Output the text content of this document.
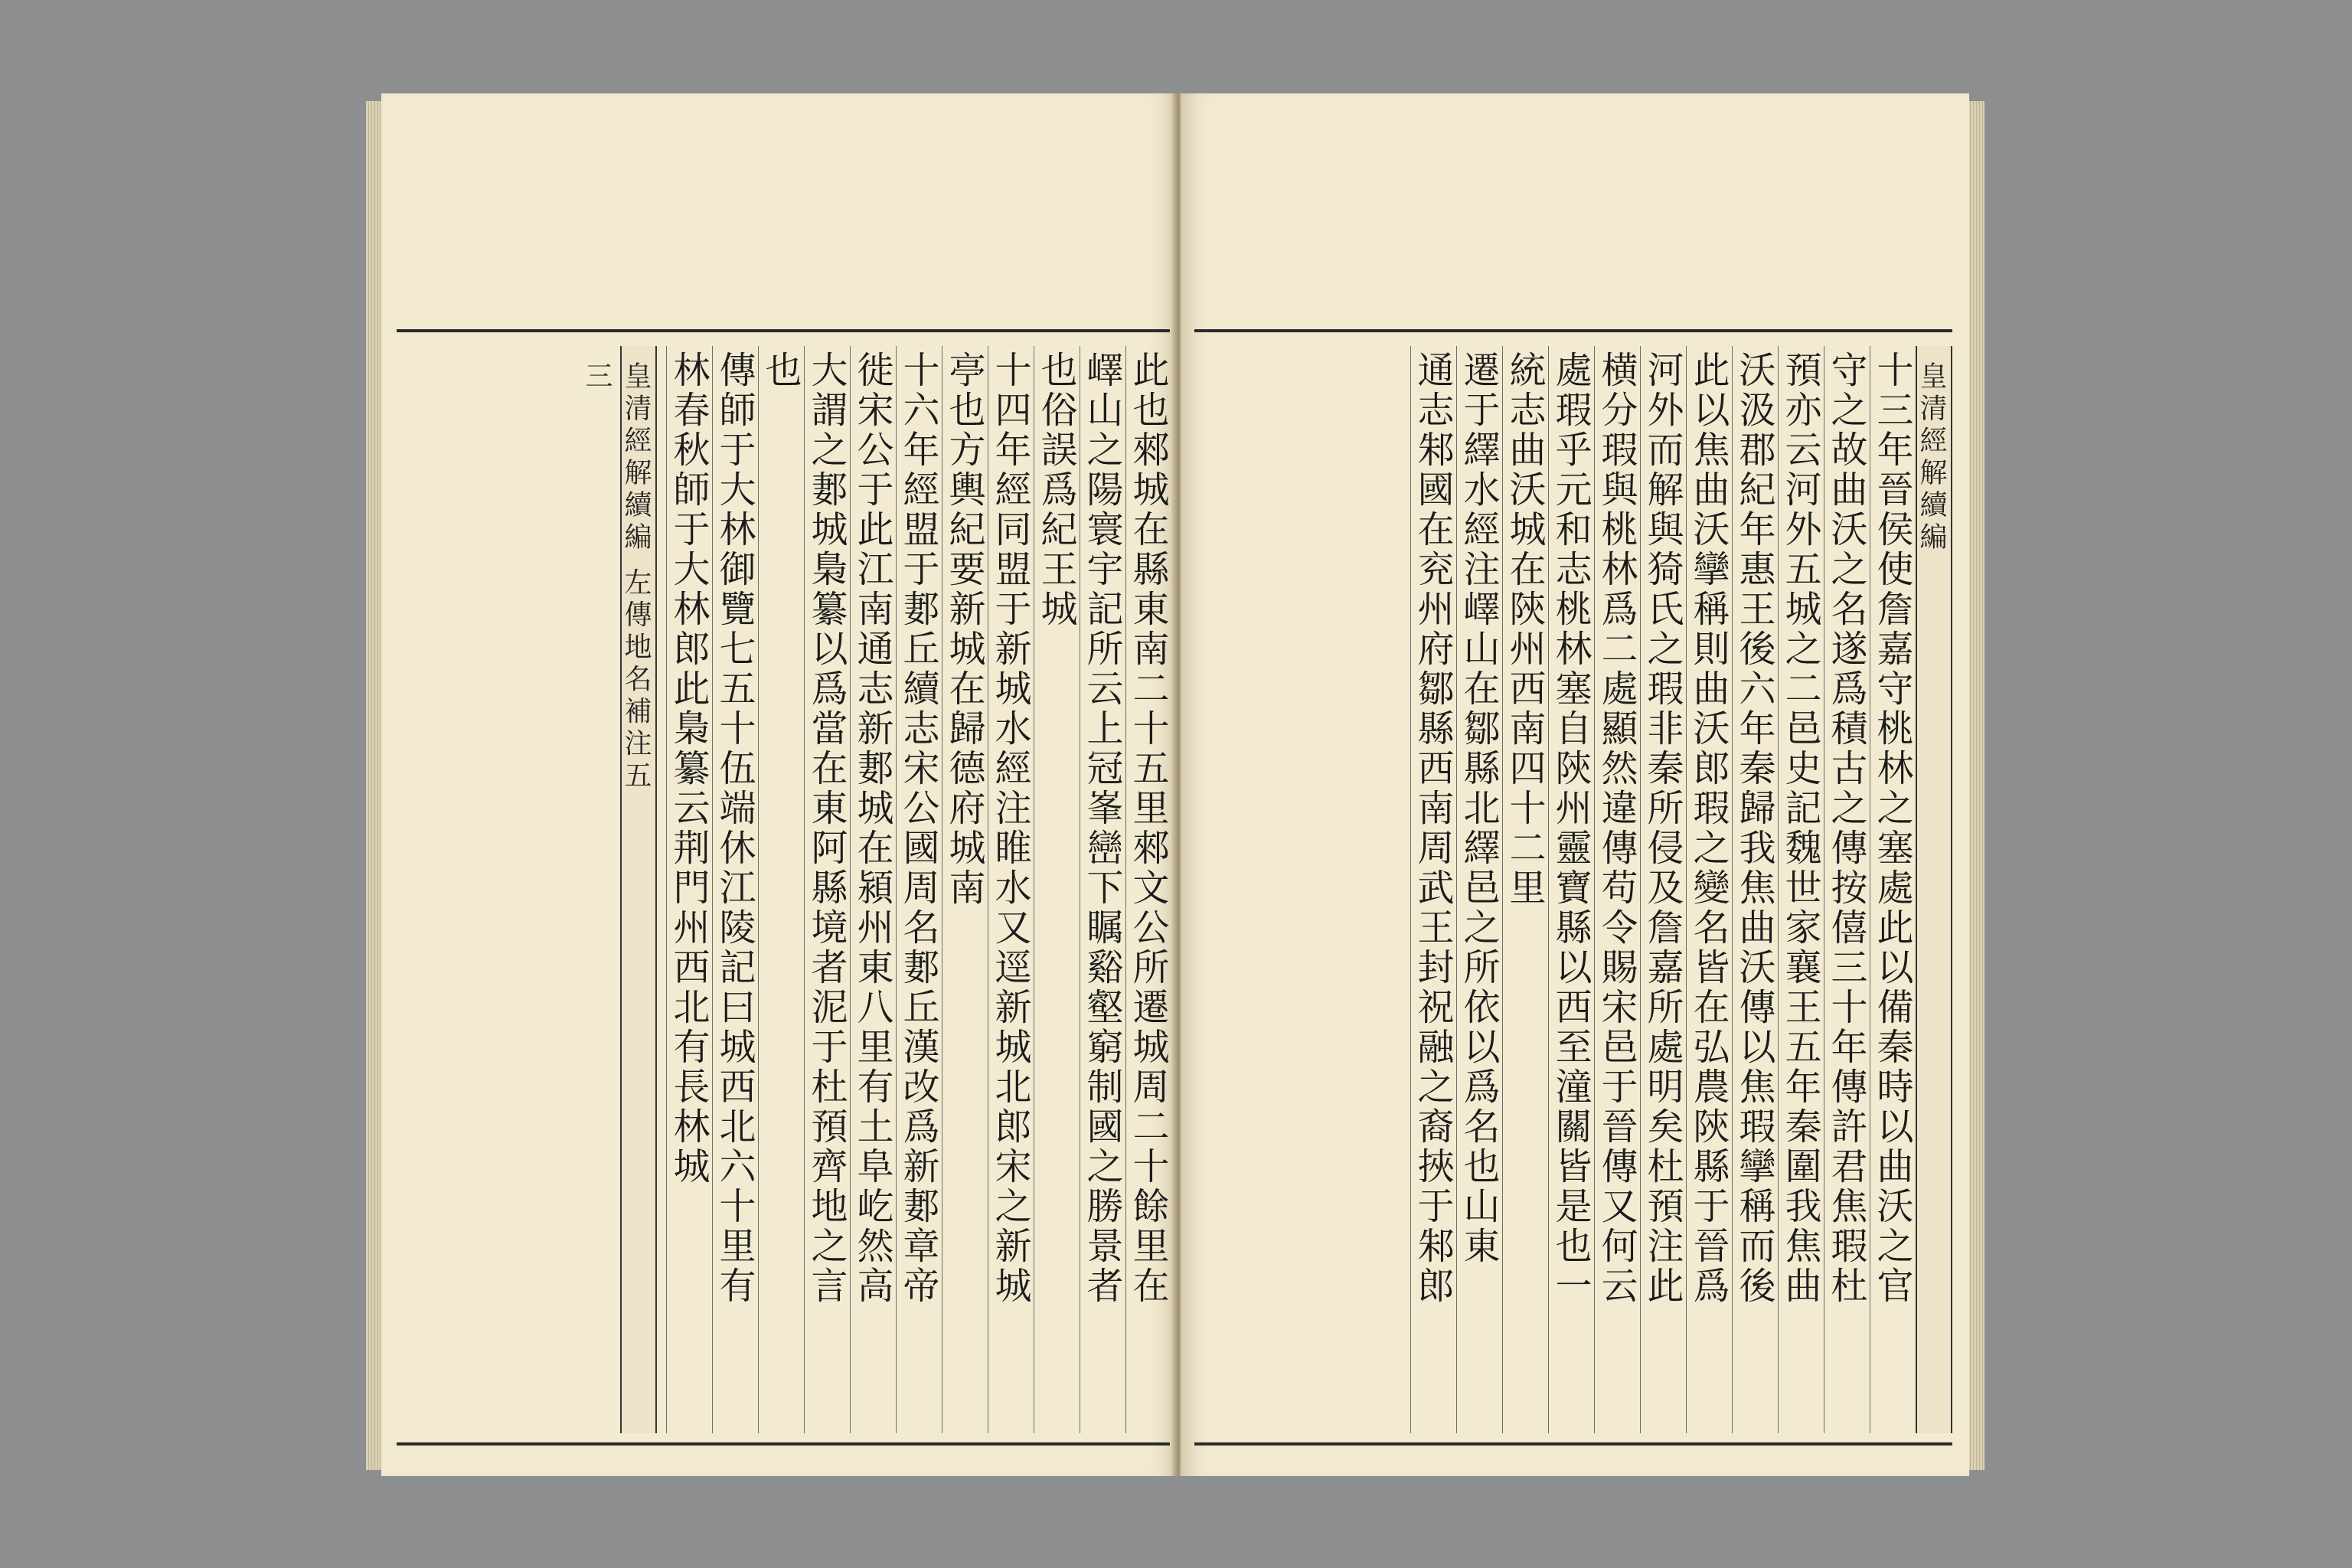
此也郲城在縣東南二十五里郲文公所遷城周二十餘里在
嶧山之陽寰宇記所云上冠峯巒下瞩谿壑窮制國之勝景者
也俗誤爲紀王城
十四年經同盟于新城水經注睢水又逕新城北郎宋之新城
亭也方輿紀要新城在歸德府城南
十六年經盟于郪丘續志宋公國周名郪丘漢改爲新郪章帝
徙宋公于此江南通志新郪城在潁州東八里有土阜屹然高
大謂之郪城梟纂以爲當在東阿縣境者泥于杜預齊地之言
也
傳師于大林御覽七五十伍端休江陵記曰城西北六十里有
林春秋師于大林郎此梟纂云荆門州西北有長林城
皇清經解續編 左傳地名補注五
三	皇清經解續編
十三年晉侯使詹嘉守桃林之塞處此以備秦時以曲沃之官
守之故曲沃之名遂爲積古之傳按僖三十年傳許君焦瑕杜
預亦云河外五城之二邑史記魏世家襄王五年秦圍我焦曲
沃汲郡紀年惠王後六年秦歸我焦曲沃傳以焦瑕攣稱而後
此以焦曲沃攣稱則曲沃郎瑕之變名皆在弘農陝縣于晉爲
河外而解與猗氏之瑕非秦所侵及詹嘉所處明矣杜預注此
横分瑕與桃林爲二處顯然違傳苟令賜宋邑于晉傳又何云
處瑕乎元和志桃林塞自陝州靈寶縣以西至潼關皆是也一
統志曲沃城在陝州西南四十二里
遷于繹水經注嶧山在鄒縣北繹邑之所依以爲名也山東
通志邾國在兖州府鄒縣西南周武王封祝融之裔挾于邾郎
